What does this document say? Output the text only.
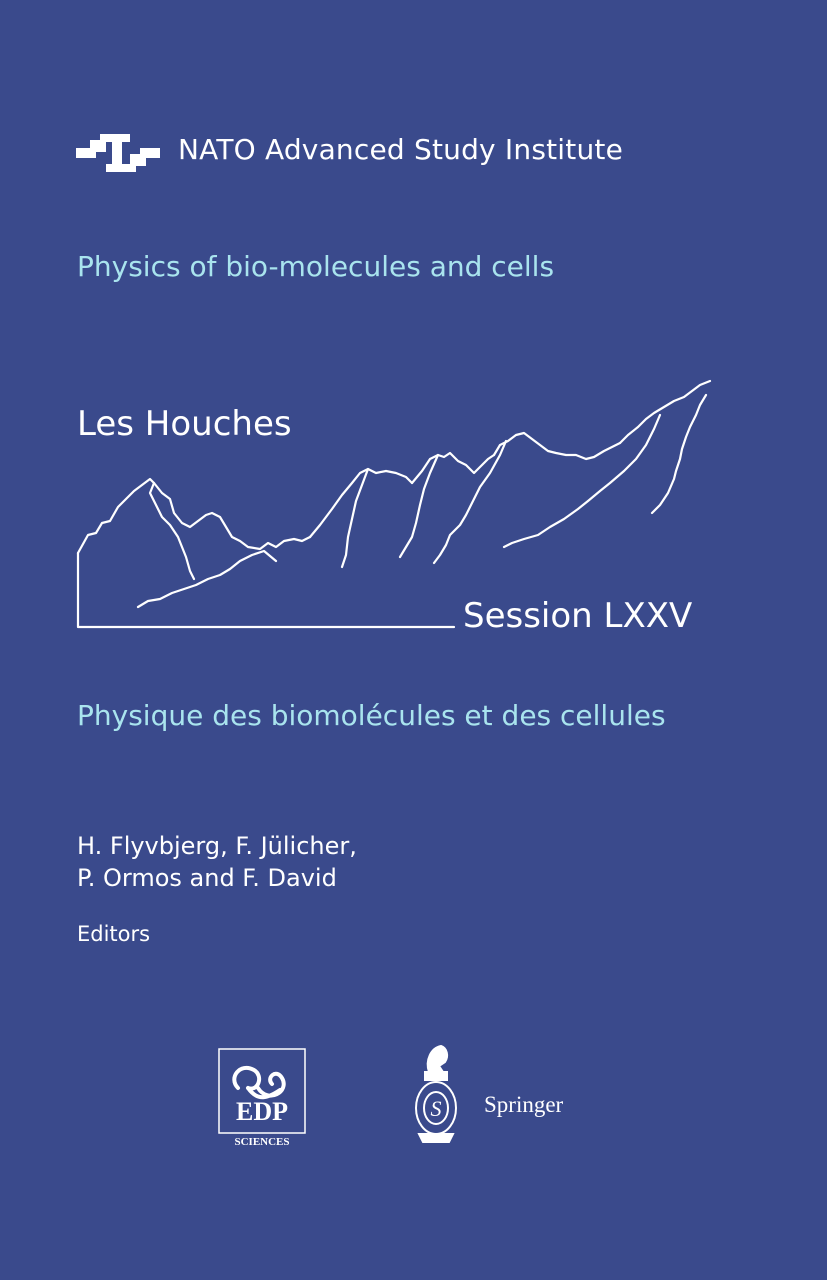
NATO Advanced Study Institute
Physics of bio-molecules and cells
Les Houches
Session LXXV
Physique des biomolécules et des cellules
H. Flyvbjerg, F. Jülicher,
P. Ormos and F. David
Editors
EDP
SCIENCES
S Springer
